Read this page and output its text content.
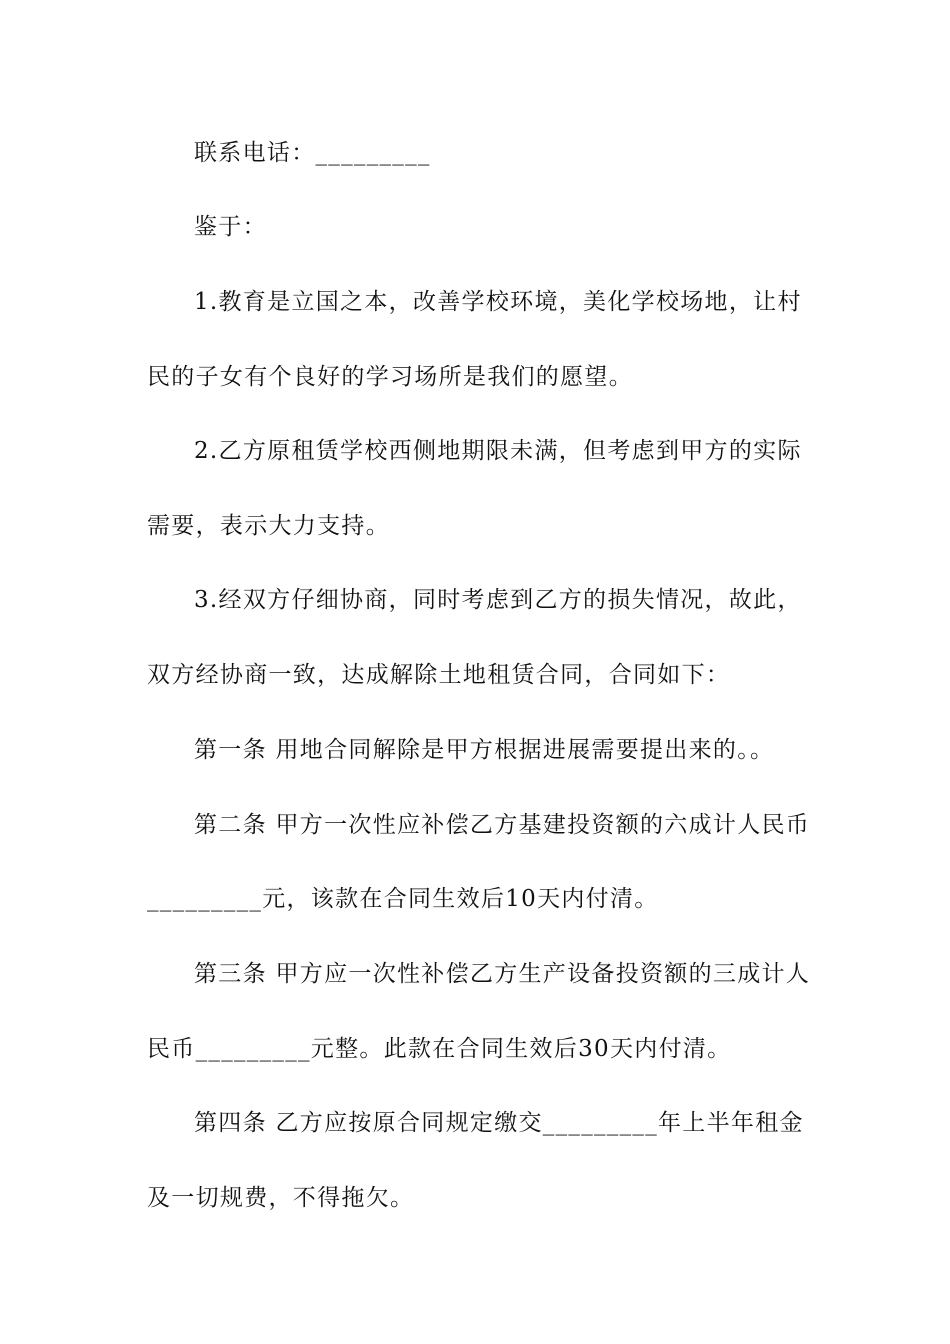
联系电话：_________
鉴于：
1.教育是立国之本，改善学校环境，美化学校场地，让村
民的子女有个良好的学习场所是我们的愿望。
2.乙方原租赁学校西侧地期限未满，但考虑到甲方的实际
需要，表示大力支持。
3.经双方仔细协商，同时考虑到乙方的损失情况，故此，
双方经协商一致，达成解除土地租赁合同，合同如下：
第一条 用地合同解除是甲方根据进展需要提出来的。。
第二条 甲方一次性应补偿乙方基建投资额的六成计人民币
_________元，该款在合同生效后10天内付清。
第三条 甲方应一次性补偿乙方生产设备投资额的三成计人
民币_________元整。此款在合同生效后30天内付清。
第四条 乙方应按原合同规定缴交_________年上半年租金
及一切规费，不得拖欠。
